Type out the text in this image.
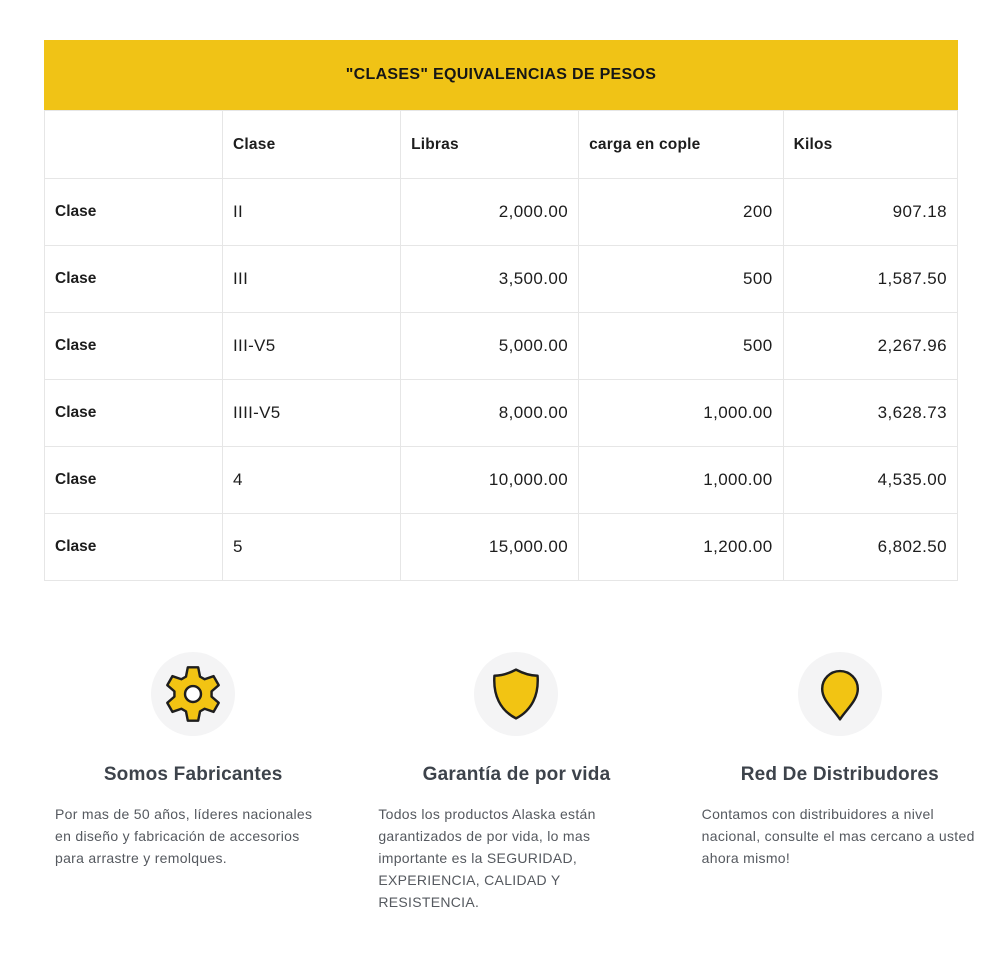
"CLASES" EQUIVALENCIAS DE PESOS
	Clase	Libras	carga en cople	Kilos
Clase	II	2,000.00	200	907.18
Clase	III	3,500.00	500	1,587.50
Clase	III-V5	5,000.00	500	2,267.96
Clase	IIII-V5	8,000.00	1,000.00	3,628.73
Clase	4	10,000.00	1,000.00	4,535.00
Clase	5	15,000.00	1,200.00	6,802.50
Somos Fabricantes

Por mas de 50 años, líderes nacionales en diseño y fabricación de accesorios para arrastre y remolques.

Garantía de por vida

Todos los productos Alaska están garantizados de por vida, lo mas importante es la SEGURIDAD, EXPERIENCIA, CALIDAD Y RESISTENCIA.

Red De Distribudores

Contamos con distribuidores a nivel nacional, consulte el mas cercano a usted ahora mismo!
